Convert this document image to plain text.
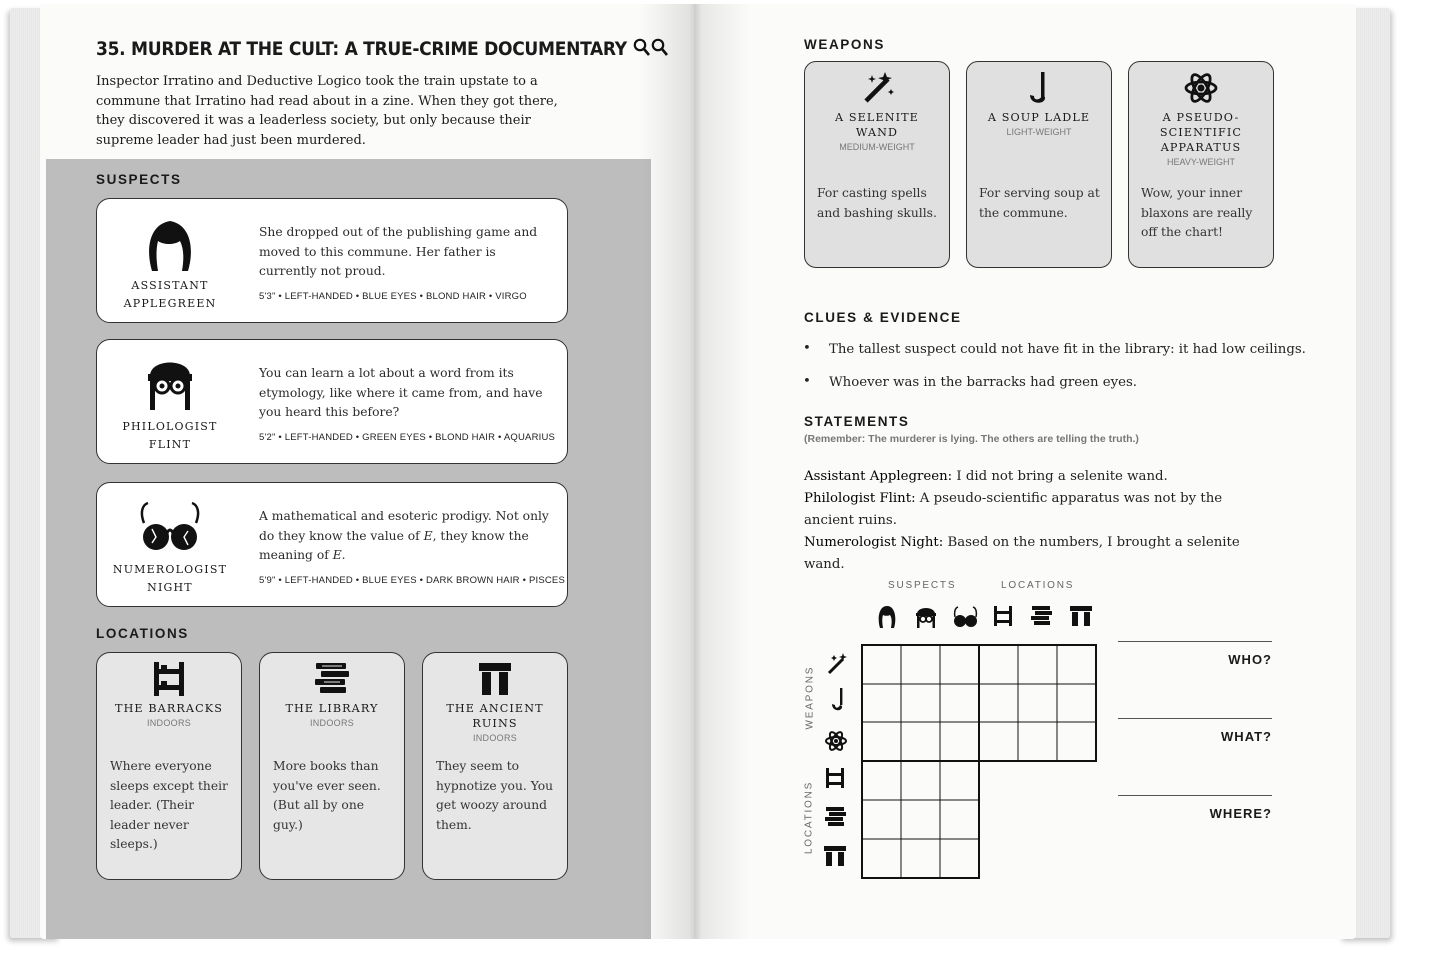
35. MURDER AT THE CULT: A TRUE-CRIME DOCUMENTARY
Inspector Irratino and Deductive Logico took the train upstate to a commune that Irratino had read about in a zine. When they got there, they discovered it was a leaderless society, but only because their supreme leader had just been murdered.
SUSPECTS
ASSISTANT
APPLEGREEN
She dropped out of the publishing game and moved to this commune. Her father is currently not proud.
5'3" • LEFT-HANDED • BLUE EYES • BLOND HAIR • VIRGO
PHILOLOGIST
FLINT
You can learn a lot about a word from its etymology, like where it came from, and have you heard this before?
5'2" • LEFT-HANDED • GREEN EYES • BLOND HAIR • AQUARIUS
NUMEROLOGIST
NIGHT
A mathematical and esoteric prodigy. Not only do they know the value of E, they know the meaning of E.
5'9" • LEFT-HANDED • BLUE EYES • DARK BROWN HAIR • PISCES
LOCATIONS
THE BARRACKS
INDOORS
Where everyone sleeps except their leader. (Their leader never sleeps.)
THE LIBRARY
INDOORS
More books than you've ever seen. (But all by one guy.)
THE ANCIENT
RUINS
INDOORS
They seem to hypnotize you. You get woozy around them.
WEAPONS
A SELENITE
WAND
MEDIUM-WEIGHT
For casting spells and bashing skulls.
A SOUP LADLE
LIGHT-WEIGHT
For serving soup at the commune.
A PSEUDO-
SCIENTIFIC
APPARATUS
HEAVY-WEIGHT
Wow, your inner blaxons are really off the chart!
CLUES & EVIDENCE
• The tallest suspect could not have fit in the library: it had low ceilings.
• Whoever was in the barracks had green eyes.
STATEMENTS
(Remember: The murderer is lying. The others are telling the truth.)
Assistant Applegreen: I did not bring a selenite wand.
Philologist Flint: A pseudo-scientific apparatus was not by the ancient ruins.
Numerologist Night: Based on the numbers, I brought a selenite wand.
SUSPECTS	LOCATIONS
WEAPONS
LOCATIONS
WHO?
WHAT?
WHERE?
